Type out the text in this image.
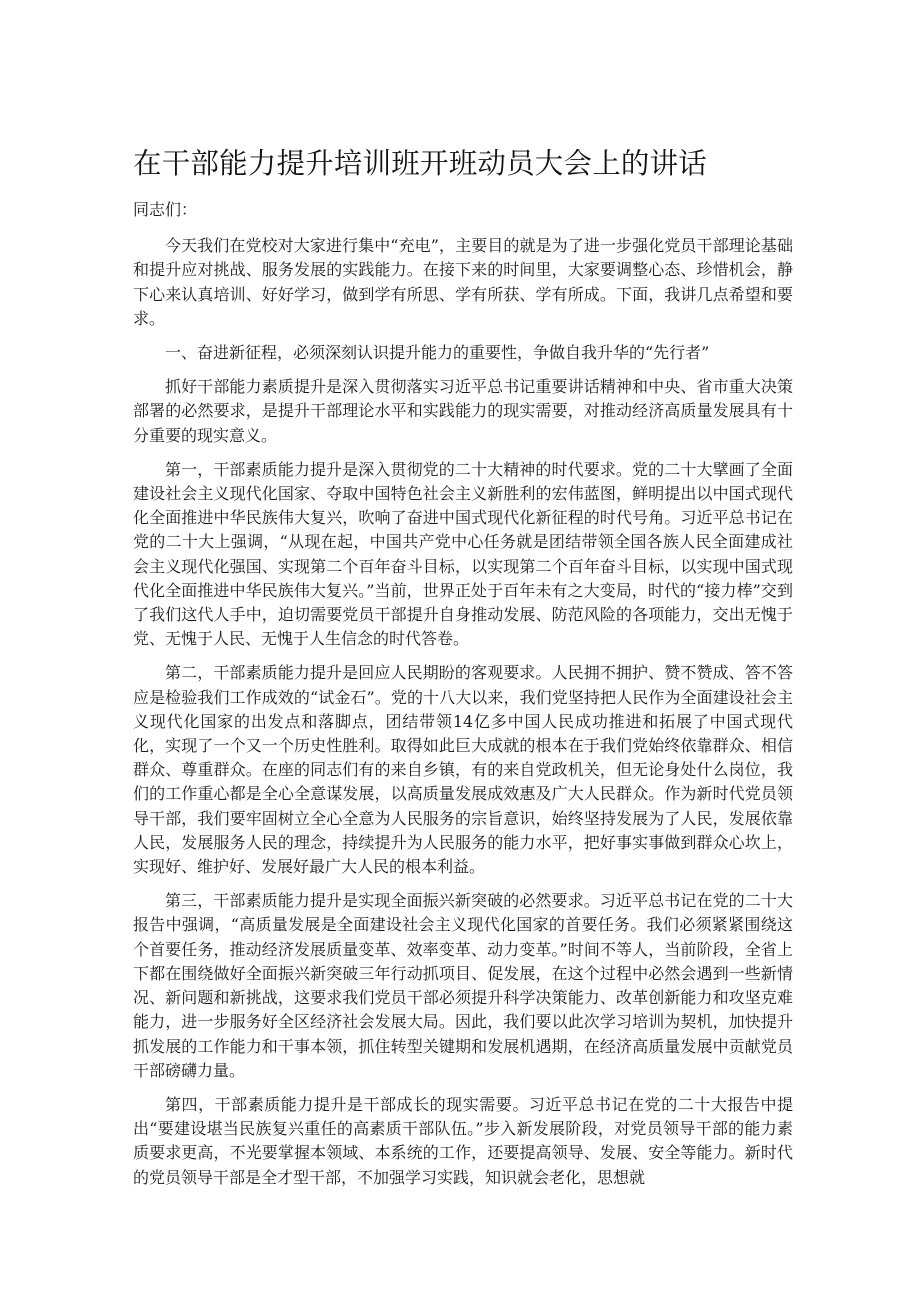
在干部能力提升培训班开班动员大会上的讲话

同志们：

今天我们在党校对大家进行集中“充电”，主要目的就是为了进一步强化党员干部理论基础和提升应对挑战、服务发展的实践能力。在接下来的时间里，大家要调整心态、珍惜机会，静下心来认真培训、好好学习，做到学有所思、学有所获、学有所成。下面，我讲几点希望和要求。

一、奋进新征程，必须深刻认识提升能力的重要性，争做自我升华的“先行者”

抓好干部能力素质提升是深入贯彻落实习近平总书记重要讲话精神和中央、省市重大决策部署的必然要求，是提升干部理论水平和实践能力的现实需要，对推动经济高质量发展具有十分重要的现实意义。

第一，干部素质能力提升是深入贯彻党的二十大精神的时代要求。党的二十大擘画了全面建设社会主义现代化国家、夺取中国特色社会主义新胜利的宏伟蓝图，鲜明提出以中国式现代化全面推进中华民族伟大复兴，吹响了奋进中国式现代化新征程的时代号角。习近平总书记在党的二十大上强调，“从现在起，中国共产党中心任务就是团结带领全国各族人民全面建成社会主义现代化强国、实现第二个百年奋斗目标，以实现第二个百年奋斗目标，以实现中国式现代化全面推进中华民族伟大复兴。”当前，世界正处于百年未有之大变局，时代的“接力棒”交到了我们这代人手中，迫切需要党员干部提升自身推动发展、防范风险的各项能力，交出无愧于党、无愧于人民、无愧于人生信念的时代答卷。

第二，干部素质能力提升是回应人民期盼的客观要求。人民拥不拥护、赞不赞成、答不答应是检验我们工作成效的“试金石”。党的十八大以来，我们党坚持把人民作为全面建设社会主义现代化国家的出发点和落脚点，团结带领14亿多中国人民成功推进和拓展了中国式现代化，实现了一个又一个历史性胜利。取得如此巨大成就的根本在于我们党始终依靠群众、相信群众、尊重群众。在座的同志们有的来自乡镇，有的来自党政机关，但无论身处什么岗位，我们的工作重心都是全心全意谋发展，以高质量发展成效惠及广大人民群众。作为新时代党员领导干部，我们要牢固树立全心全意为人民服务的宗旨意识，始终坚持发展为了人民，发展依靠人民，发展服务人民的理念，持续提升为人民服务的能力水平，把好事实事做到群众心坎上，实现好、维护好、发展好最广大人民的根本利益。

第三，干部素质能力提升是实现全面振兴新突破的必然要求。习近平总书记在党的二十大报告中强调，“高质量发展是全面建设社会主义现代化国家的首要任务。我们必须紧紧围绕这个首要任务，推动经济发展质量变革、效率变革、动力变革。”时间不等人，当前阶段，全省上下都在围绕做好全面振兴新突破三年行动抓项目、促发展，在这个过程中必然会遇到一些新情况、新问题和新挑战，这要求我们党员干部必须提升科学决策能力、改革创新能力和攻坚克难能力，进一步服务好全区经济社会发展大局。因此，我们要以此次学习培训为契机，加快提升抓发展的工作能力和干事本领，抓住转型关键期和发展机遇期，在经济高质量发展中贡献党员干部磅礴力量。

第四，干部素质能力提升是干部成长的现实需要。习近平总书记在党的二十大报告中提出“要建设堪当民族复兴重任的高素质干部队伍。”步入新发展阶段，对党员领导干部的能力素质要求更高，不光要掌握本领域、本系统的工作，还要提高领导、发展、安全等能力。新时代的党员领导干部是全才型干部，不加强学习实践，知识就会老化，思想就
